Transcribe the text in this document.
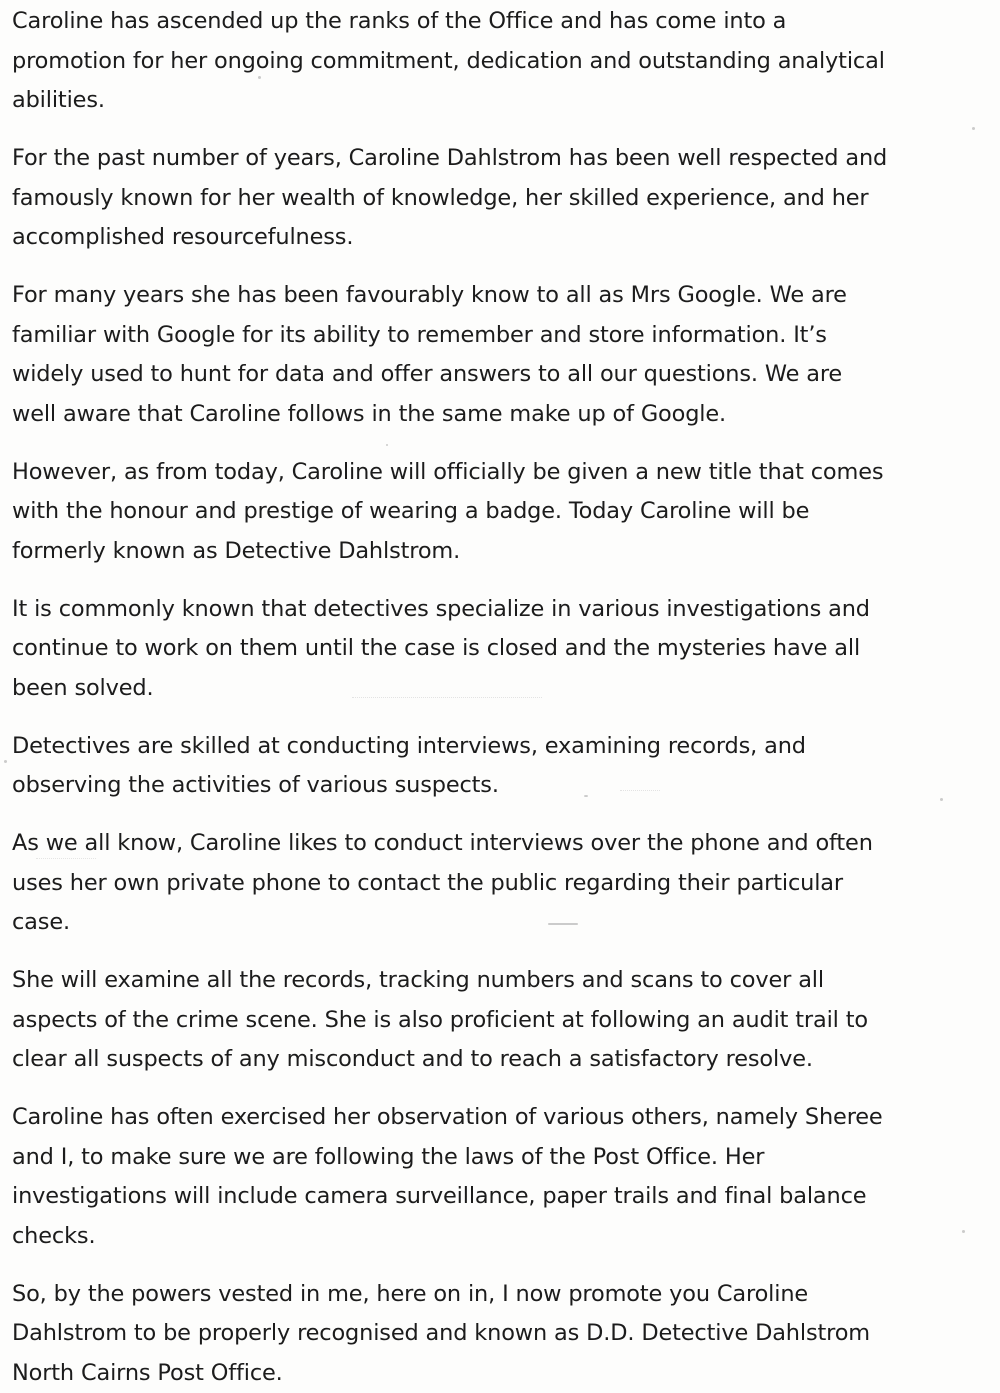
Caroline has ascended up the ranks of the Office and has come into a promotion for her ongoing commitment, dedication and outstanding analytical abilities.
For the past number of years, Caroline Dahlstrom has been well respected and famously known for her wealth of knowledge, her skilled experience, and her accomplished resourcefulness.
For many years she has been favourably know to all as Mrs Google. We are familiar with Google for its ability to remember and store information. It’s widely used to hunt for data and offer answers to all our questions. We are well aware that Caroline follows in the same make up of Google.
However, as from today, Caroline will officially be given a new title that comes with the honour and prestige of wearing a badge. Today Caroline will be formerly known as Detective Dahlstrom.
It is commonly known that detectives specialize in various investigations and continue to work on them until the case is closed and the mysteries have all been solved.
Detectives are skilled at conducting interviews, examining records, and observing the activities of various suspects.
As we all know, Caroline likes to conduct interviews over the phone and often uses her own private phone to contact the public regarding their particular case.
She will examine all the records, tracking numbers and scans to cover all aspects of the crime scene. She is also proficient at following an audit trail to clear all suspects of any misconduct and to reach a satisfactory resolve.
Caroline has often exercised her observation of various others, namely Sheree and I, to make sure we are following the laws of the Post Office. Her investigations will include camera surveillance, paper trails and final balance checks.
So, by the powers vested in me, here on in, I now promote you Caroline Dahlstrom to be properly recognised and known as D.D. Detective Dahlstrom North Cairns Post Office.
